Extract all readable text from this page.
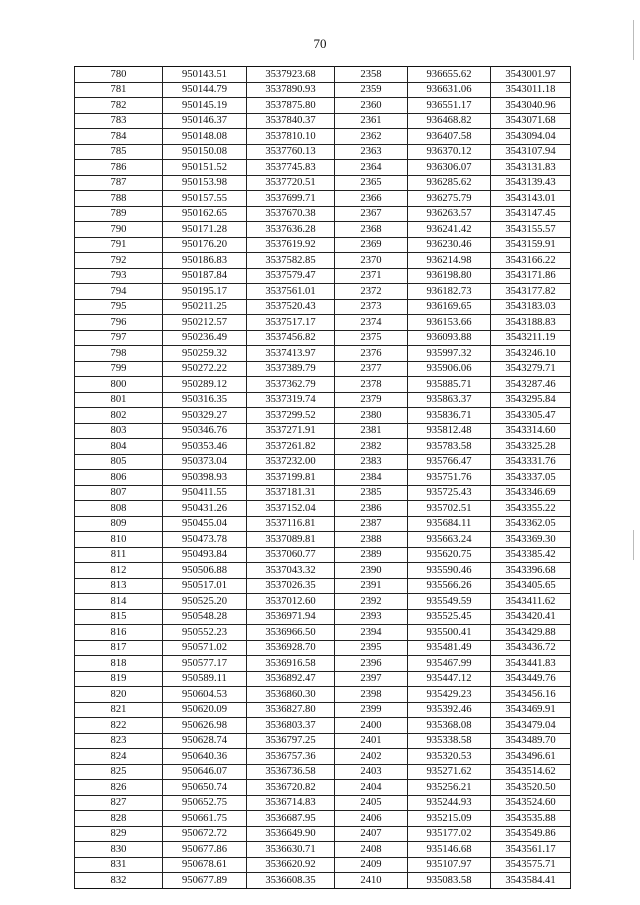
70
780	950143.51	3537923.68	2358	936655.62	3543001.97
781	950144.79	3537890.93	2359	936631.06	3543011.18
782	950145.19	3537875.80	2360	936551.17	3543040.96
783	950146.37	3537840.37	2361	936468.82	3543071.68
784	950148.08	3537810.10	2362	936407.58	3543094.04
785	950150.08	3537760.13	2363	936370.12	3543107.94
786	950151.52	3537745.83	2364	936306.07	3543131.83
787	950153.98	3537720.51	2365	936285.62	3543139.43
788	950157.55	3537699.71	2366	936275.79	3543143.01
789	950162.65	3537670.38	2367	936263.57	3543147.45
790	950171.28	3537636.28	2368	936241.42	3543155.57
791	950176.20	3537619.92	2369	936230.46	3543159.91
792	950186.83	3537582.85	2370	936214.98	3543166.22
793	950187.84	3537579.47	2371	936198.80	3543171.86
794	950195.17	3537561.01	2372	936182.73	3543177.82
795	950211.25	3537520.43	2373	936169.65	3543183.03
796	950212.57	3537517.17	2374	936153.66	3543188.83
797	950236.49	3537456.82	2375	936093.88	3543211.19
798	950259.32	3537413.97	2376	935997.32	3543246.10
799	950272.22	3537389.79	2377	935906.06	3543279.71
800	950289.12	3537362.79	2378	935885.71	3543287.46
801	950316.35	3537319.74	2379	935863.37	3543295.84
802	950329.27	3537299.52	2380	935836.71	3543305.47
803	950346.76	3537271.91	2381	935812.48	3543314.60
804	950353.46	3537261.82	2382	935783.58	3543325.28
805	950373.04	3537232.00	2383	935766.47	3543331.76
806	950398.93	3537199.81	2384	935751.76	3543337.05
807	950411.55	3537181.31	2385	935725.43	3543346.69
808	950431.26	3537152.04	2386	935702.51	3543355.22
809	950455.04	3537116.81	2387	935684.11	3543362.05
810	950473.78	3537089.81	2388	935663.24	3543369.30
811	950493.84	3537060.77	2389	935620.75	3543385.42
812	950506.88	3537043.32	2390	935590.46	3543396.68
813	950517.01	3537026.35	2391	935566.26	3543405.65
814	950525.20	3537012.60	2392	935549.59	3543411.62
815	950548.28	3536971.94	2393	935525.45	3543420.41
816	950552.23	3536966.50	2394	935500.41	3543429.88
817	950571.02	3536928.70	2395	935481.49	3543436.72
818	950577.17	3536916.58	2396	935467.99	3543441.83
819	950589.11	3536892.47	2397	935447.12	3543449.76
820	950604.53	3536860.30	2398	935429.23	3543456.16
821	950620.09	3536827.80	2399	935392.46	3543469.91
822	950626.98	3536803.37	2400	935368.08	3543479.04
823	950628.74	3536797.25	2401	935338.58	3543489.70
824	950640.36	3536757.36	2402	935320.53	3543496.61
825	950646.07	3536736.58	2403	935271.62	3543514.62
826	950650.74	3536720.82	2404	935256.21	3543520.50
827	950652.75	3536714.83	2405	935244.93	3543524.60
828	950661.75	3536687.95	2406	935215.09	3543535.88
829	950672.72	3536649.90	2407	935177.02	3543549.86
830	950677.86	3536630.71	2408	935146.68	3543561.17
831	950678.61	3536620.92	2409	935107.97	3543575.71
832	950677.89	3536608.35	2410	935083.58	3543584.41
